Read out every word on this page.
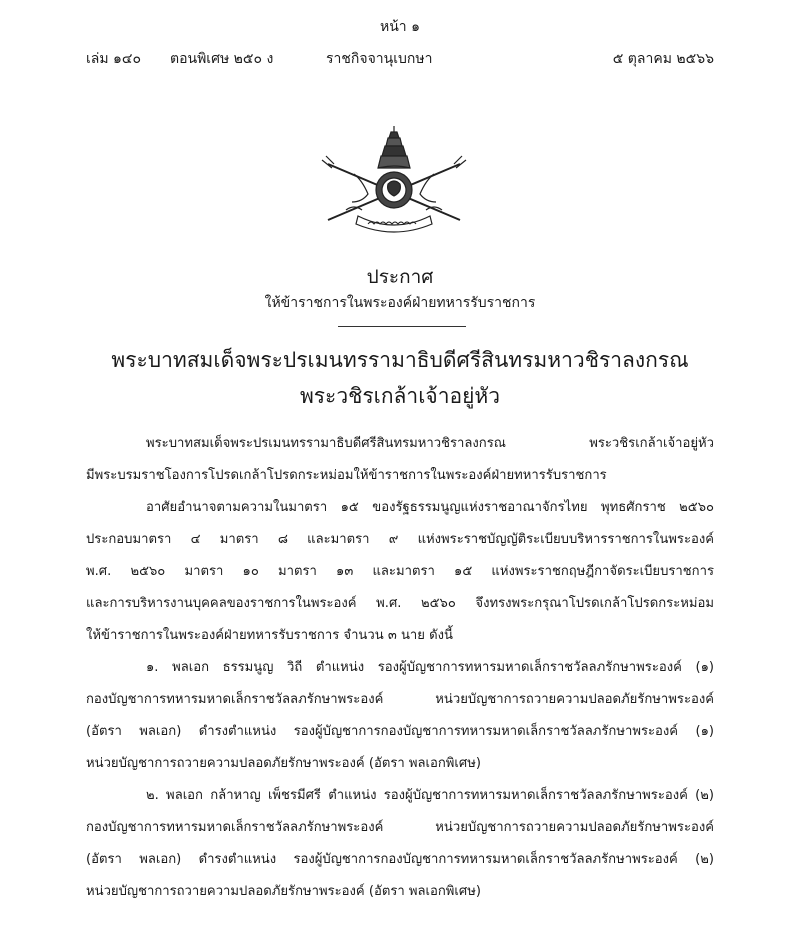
หน้า ๑
เล่ม ๑๔๐ ตอนพิเศษ ๒๕๐ ง	ราชกิจจานุเบกษา	๕ ตุลาคม ๒๕๖๖
ประกาศ
ให้ข้าราชการในพระองค์ฝ่ายทหารรับราชการ
พระบาทสมเด็จพระปรเมนทรรามาธิบดีศรีสินทรมหาวชิราลงกรณ
พระวชิรเกล้าเจ้าอยู่หัว
พระบาทสมเด็จพระปรเมนทรรามาธิบดีศรีสินทรมหาวชิราลงกรณ พระวชิรเกล้าเจ้าอยู่หัว
มีพระบรมราชโองการโปรดเกล้าโปรดกระหม่อมให้ข้าราชการในพระองค์ฝ่ายทหารรับราชการ
อาศัยอำนาจตามความในมาตรา ๑๕ ของรัฐธรรมนูญแห่งราชอาณาจักรไทย พุทธศักราช ๒๕๖๐
ประกอบมาตรา ๔ มาตรา ๘ และมาตรา ๙ แห่งพระราชบัญญัติระเบียบบริหารราชการในพระองค์
พ.ศ. ๒๕๖๐ มาตรา ๑๐ มาตรา ๑๓ และมาตรา ๑๕ แห่งพระราชกฤษฎีกาจัดระเบียบราชการ
และการบริหารงานบุคคลของราชการในพระองค์ พ.ศ. ๒๕๖๐ จึงทรงพระกรุณาโปรดเกล้าโปรดกระหม่อม
ให้ข้าราชการในพระองค์ฝ่ายทหารรับราชการ จำนวน ๓ นาย ดังนี้
๑. พลเอก ธรรมนูญ วิถี ตำแหน่ง รองผู้บัญชาการทหารมหาดเล็กราชวัลลภรักษาพระองค์ (๑)
กองบัญชาการทหารมหาดเล็กราชวัลลภรักษาพระองค์ หน่วยบัญชาการถวายความปลอดภัยรักษาพระองค์
(อัตรา พลเอก) ดำรงตำแหน่ง รองผู้บัญชาการกองบัญชาการทหารมหาดเล็กราชวัลลภรักษาพระองค์ (๑)
หน่วยบัญชาการถวายความปลอดภัยรักษาพระองค์ (อัตรา พลเอกพิเศษ)
๒. พลเอก กล้าหาญ เพ็ชรมีศรี ตำแหน่ง รองผู้บัญชาการทหารมหาดเล็กราชวัลลภรักษาพระองค์ (๒)
กองบัญชาการทหารมหาดเล็กราชวัลลภรักษาพระองค์ หน่วยบัญชาการถวายความปลอดภัยรักษาพระองค์
(อัตรา พลเอก) ดำรงตำแหน่ง รองผู้บัญชาการกองบัญชาการทหารมหาดเล็กราชวัลลภรักษาพระองค์ (๒)
หน่วยบัญชาการถวายความปลอดภัยรักษาพระองค์ (อัตรา พลเอกพิเศษ)
